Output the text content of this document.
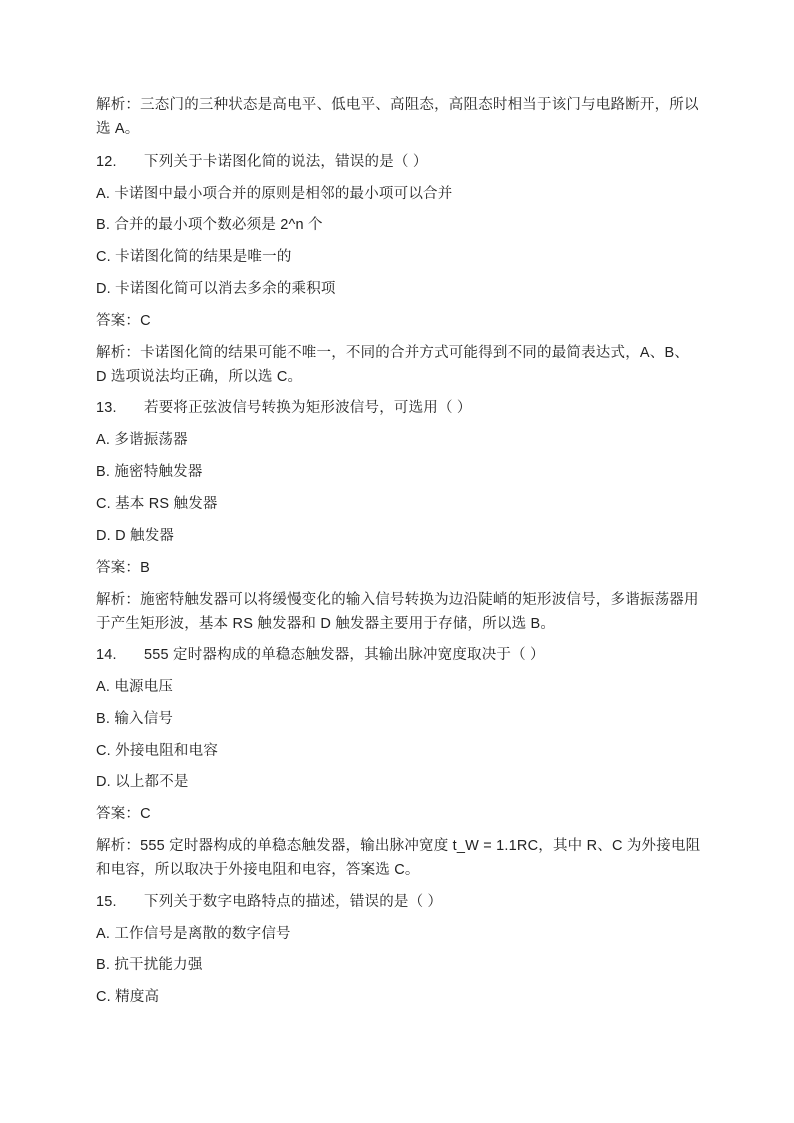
解析：三态门的三种状态是高电平、低电平、高阻态，高阻态时相当于该门与电路断开，所以
选 A。
12. 下列关于卡诺图化简的说法，错误的是（ ）
A. 卡诺图中最小项合并的原则是相邻的最小项可以合并
B. 合并的最小项个数必须是 2^n 个
C. 卡诺图化简的结果是唯一的
D. 卡诺图化简可以消去多余的乘积项
答案：C
解析：卡诺图化简的结果可能不唯一，不同的合并方式可能得到不同的最简表达式，A、B、
D 选项说法均正确，所以选 C。
13. 若要将正弦波信号转换为矩形波信号，可选用（ ）
A. 多谐振荡器
B. 施密特触发器
C. 基本 RS 触发器
D. D 触发器
答案：B
解析：施密特触发器可以将缓慢变化的输入信号转换为边沿陡峭的矩形波信号，多谐振荡器用
于产生矩形波，基本 RS 触发器和 D 触发器主要用于存储，所以选 B。
14. 555 定时器构成的单稳态触发器，其输出脉冲宽度取决于（ ）
A. 电源电压
B. 输入信号
C. 外接电阻和电容
D. 以上都不是
答案：C
解析：555 定时器构成的单稳态触发器，输出脉冲宽度 t_W = 1.1RC，其中 R、C 为外接电阻
和电容，所以取决于外接电阻和电容，答案选 C。
15. 下列关于数字电路特点的描述，错误的是（ ）
A. 工作信号是离散的数字信号
B. 抗干扰能力强
C. 精度高
